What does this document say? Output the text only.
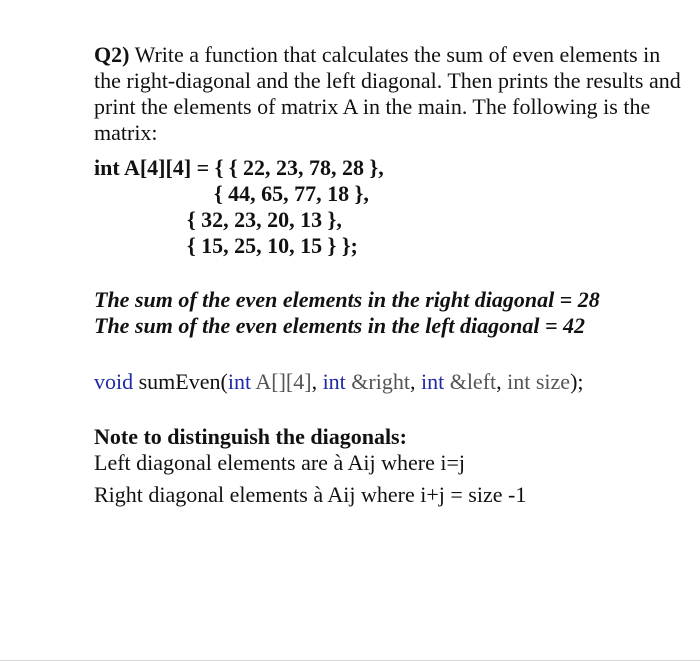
Q2) Write a function that calculates the sum of even elements in the right-diagonal and the left diagonal. Then prints the results and print the elements of matrix A in the main. The following is the matrix:
int A[4][4] = { { 22, 23, 78, 28 },
{ 44, 65, 77, 18 },
{ 32, 23, 20, 13 },
{ 15, 25, 10, 15 } };
The sum of the even elements in the right diagonal = 28
The sum of the even elements in the left diagonal = 42
void sumEven(int A[][4], int &right, int &left, int size);
Note to distinguish the diagonals:
Left diagonal elements are à Aij where i=j
Right diagonal elements à Aij where i+j = size -1
